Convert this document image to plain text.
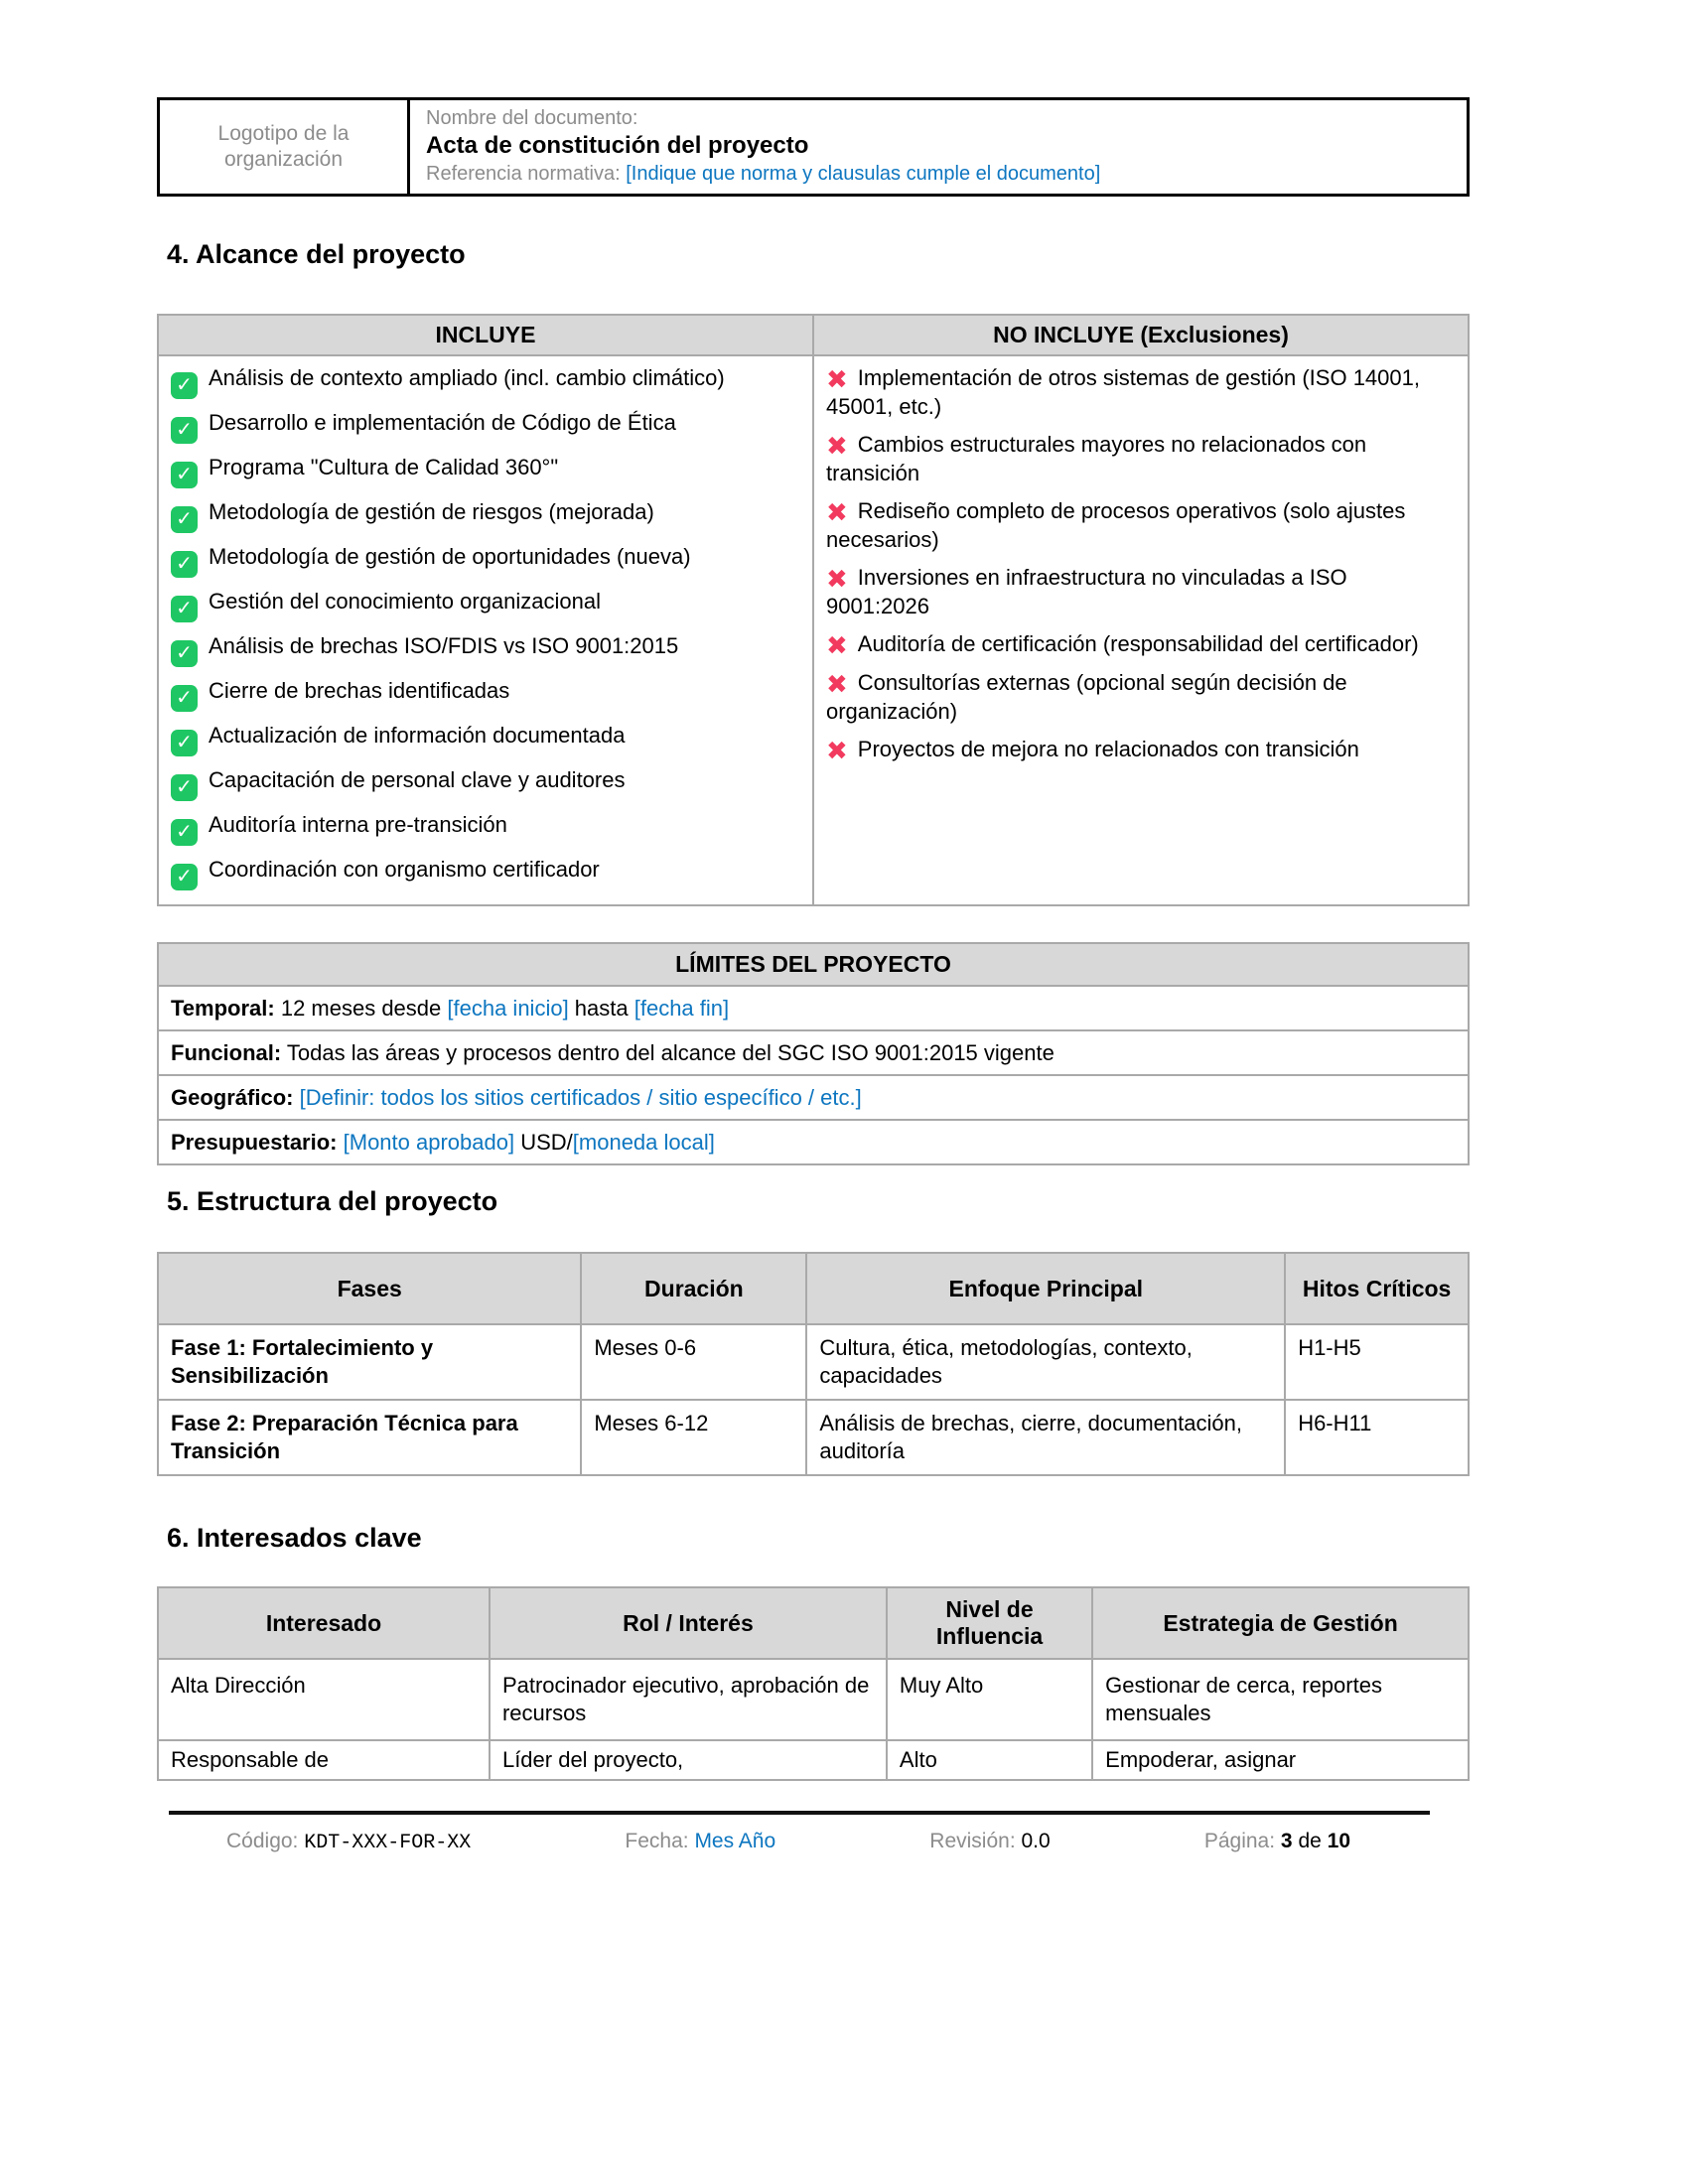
Logotipo de la organización
Nombre del documento:
Acta de constitución del proyecto
Referencia normativa: [Indique que norma y clausulas cumple el documento]
4. Alcance del proyecto
INCLUYE	NO INCLUYE (Exclusiones)

✓ Análisis de contexto ampliado (incl. cambio climático)
✓ Desarrollo e implementación de Código de Ética
✓ Programa "Cultura de Calidad 360°"
✓ Metodología de gestión de riesgos (mejorada)
✓ Metodología de gestión de oportunidades (nueva)
✓ Gestión del conocimiento organizacional
✓ Análisis de brechas ISO/FDIS vs ISO 9001:2015
✓ Cierre de brechas identificadas
✓ Actualización de información documentada
✓ Capacitación de personal clave y auditores
✓ Auditoría interna pre-transición
✓ Coordinación con organismo certificador

✖ Implementación de otros sistemas de gestión (ISO 14001, 45001, etc.)
✖ Cambios estructurales mayores no relacionados con transición
✖ Rediseño completo de procesos operativos (solo ajustes necesarios)
✖ Inversiones en infraestructura no vinculadas a ISO 9001:2026
✖ Auditoría de certificación (responsabilidad del certificador)
✖ Consultorías externas (opcional según decisión de organización)
✖ Proyectos de mejora no relacionados con transición
LÍMITES DEL PROYECTO
Temporal: 12 meses desde [fecha inicio] hasta [fecha fin]
Funcional: Todas las áreas y procesos dentro del alcance del SGC ISO 9001:2015 vigente
Geográfico: [Definir: todos los sitios certificados / sitio específico / etc.]
Presupuestario: [Monto aprobado] USD/[moneda local]
5. Estructura del proyecto
Fases	Duración	Enfoque Principal	Hitos Críticos
Fase 1: Fortalecimiento y Sensibilización	Meses 0-6	Cultura, ética, metodologías, contexto, capacidades	H1-H5
Fase 2: Preparación Técnica para Transición	Meses 6-12	Análisis de brechas, cierre, documentación, auditoría	H6-H11
6. Interesados clave
Interesado	Rol / Interés	Nivel de Influencia	Estrategia de Gestión
Alta Dirección	Patrocinador ejecutivo, aprobación de recursos	Muy Alto	Gestionar de cerca, reportes mensuales
Responsable de	Líder del proyecto,	Alto	Empoderar, asignar
Código: KDT-XXX-FOR-XX	Fecha: Mes Año	Revisión: 0.0	Página: 3 de 10
